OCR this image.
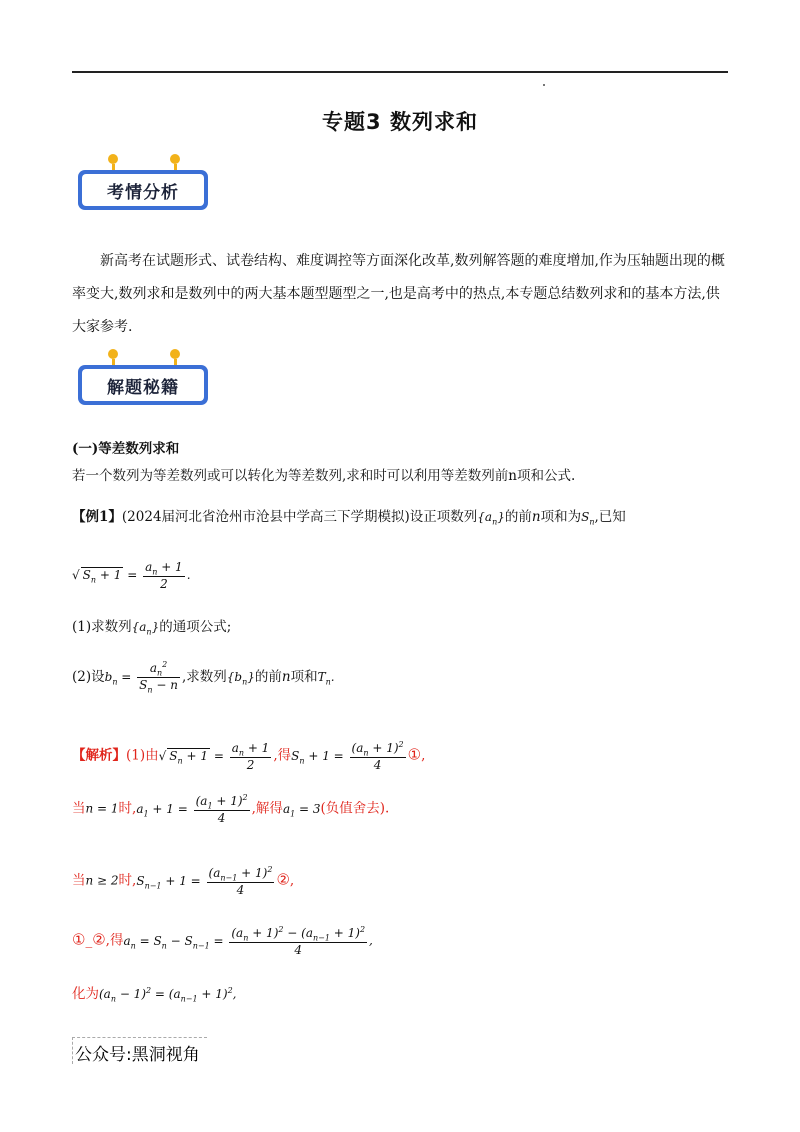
专题3 数列求和
考情分析
新高考在试题形式、试卷结构、难度调控等方面深化改革,数列解答题的难度增加,作为压轴题出现的概率变大,数列求和是数列中的两大基本题型题型之一,也是高考中的热点,本专题总结数列求和的基本方法,供大家参考.
解题秘籍
(一)等差数列求和
若一个数列为等差数列或可以转化为等差数列,求和时可以利用等差数列前n项和公式.
【例1】(2024届河北省沧州市沧县中学高三下学期模拟)设正项数列$\{a_n\}$的前n项和为$S_n$,已知
√ $S_n + 1 = \frac{a_n + 1}{2}$ .
(1)求数列$\{a_n\}$的通项公式;
(2)设$b_n = \frac{a_n^2}{S_n - n}$ ,求数列$\{b_n\}$的前n项和$T_n$.
【解析】(1)由√ $S_n + 1 = \frac{a_n + 1}{2}$ ,得$S_n + 1 = \frac{(a_n + 1)^2}{4}$ ①,
当n = 1时$,a_1 + 1 = \frac{(a_1 + 1)^2}{4}$ ,解得$a_1 = 3$(负值舍去).
当n ≥ 2时$,S_{n-1} + 1 = \frac{(a_{n-1} + 1)^2}{4}$ ②,
①_②,得$a_n = S_n - S_{n-1} = \frac{(a_n + 1)^2 - (a_{n-1} + 1)^2}{4}$ ,
化为$(a_n - 1)^2 = (a_{n-1} + 1)^2$,
公众号:黑洞视角
